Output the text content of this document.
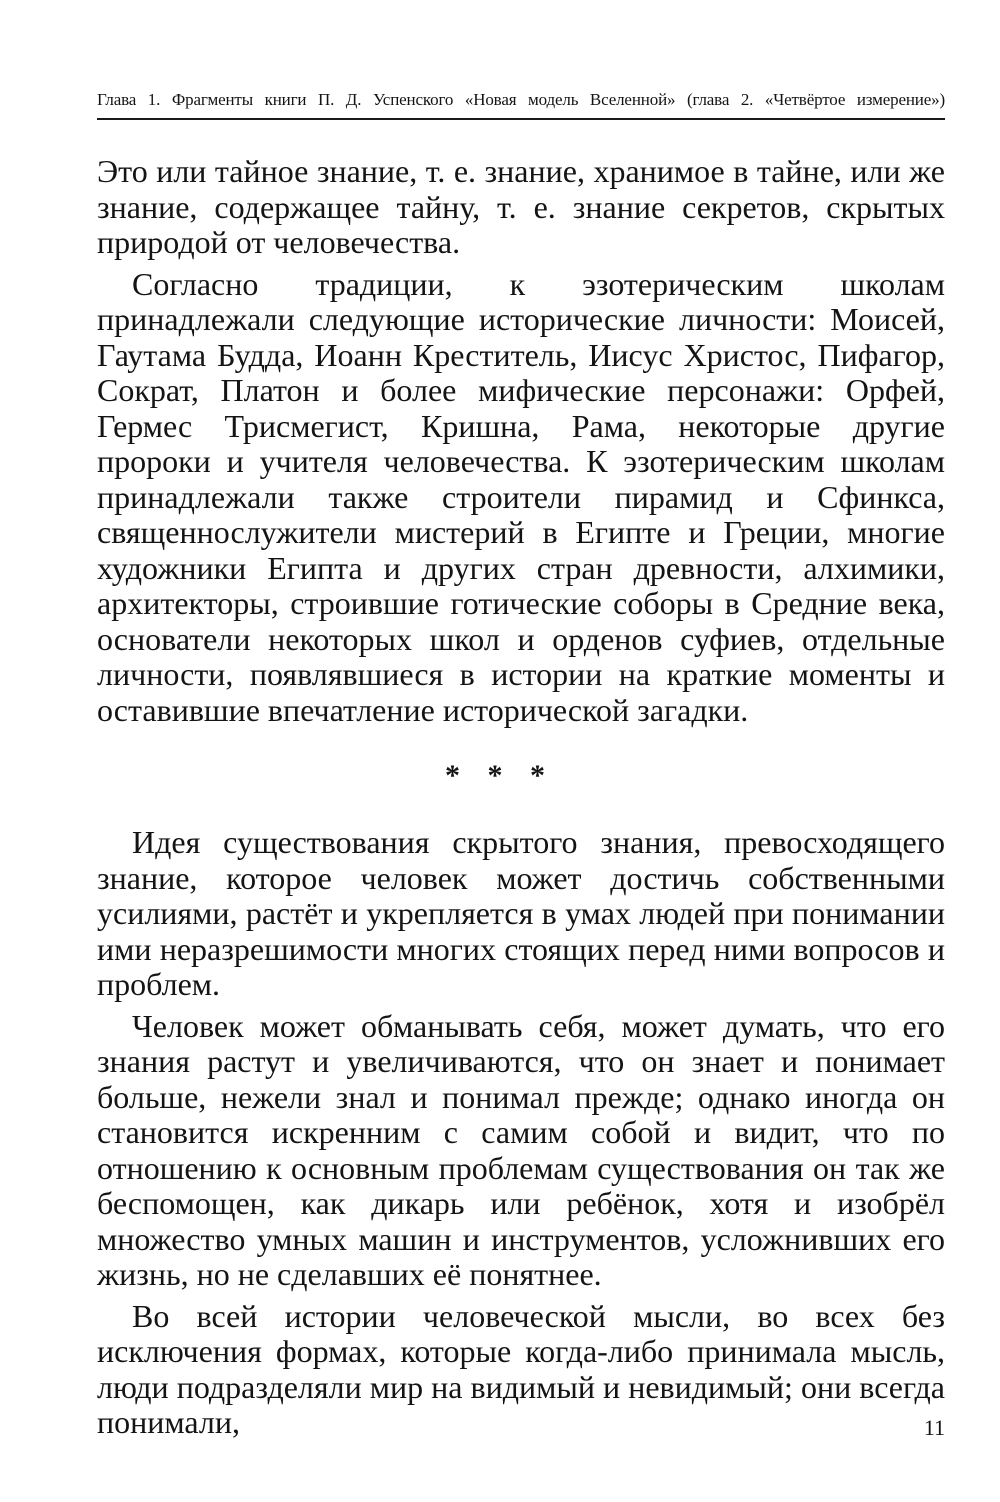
Глава 1. Фрагменты книги П. Д. Успенского «Новая модель Вселенной» (глава 2. «Четвёртое измерение»)

Это или тайное знание, т. е. знание, хранимое в тайне, или же знание, содержащее тайну, т. е. знание секретов, скрытых природой от человечества.

Согласно традиции, к эзотерическим школам принадлежали следующие исторические личности: Моисей, Гаутама Будда, Иоанн Креститель, Иисус Христос, Пифагор, Сократ, Платон и более мифические персонажи: Орфей, Гермес Трисмегист, Кришна, Рама, некоторые другие пророки и учителя человечества. К эзотерическим школам принадлежали также строители пирамид и Сфинкса, священнослужители мистерий в Египте и Греции, многие художники Египта и других стран древности, алхимики, архитекторы, строившие готические соборы в Средние века, основатели некоторых школ и орденов суфиев, отдельные личности, появлявшиеся в истории на краткие моменты и оставившие впечатление исторической загадки.

* * *

Идея существования скрытого знания, превосходящего знание, которое человек может достичь собственными усилиями, растёт и укрепляется в умах людей при понимании ими неразрешимости многих стоящих перед ними вопросов и проблем.

Человек может обманывать себя, может думать, что его знания растут и увеличиваются, что он знает и понимает больше, нежели знал и понимал прежде; однако иногда он становится искренним с самим собой и видит, что по отношению к основным проблемам существования он так же беспомощен, как дикарь или ребёнок, хотя и изобрёл множество умных машин и инструментов, усложнивших его жизнь, но не сделавших её понятнее.

Во всей истории человеческой мысли, во всех без исключения формах, которые когда-либо принимала мысль, люди подразделяли мир на видимый и невидимый; они всегда понимали,	11
